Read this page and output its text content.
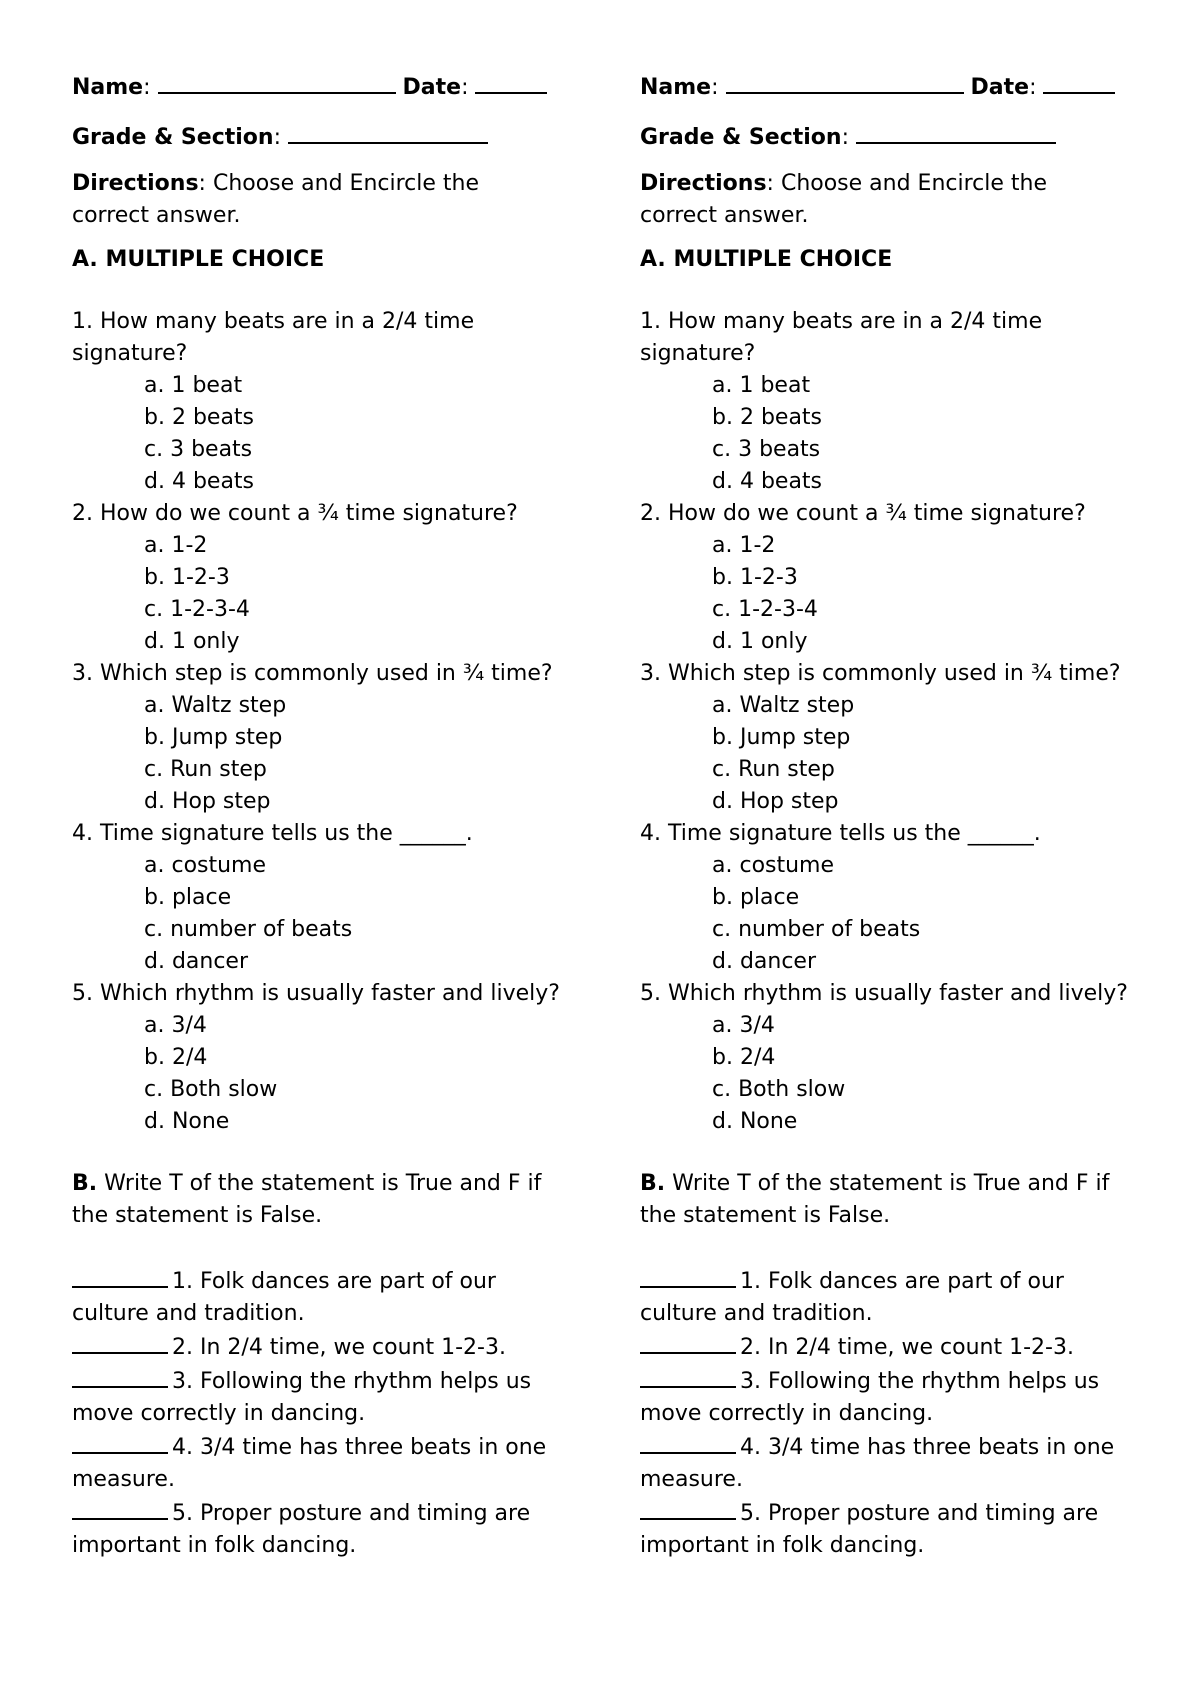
Name:	Date:

Grade & Section:

Directions: Choose and Encircle the correct answer.

A. MULTIPLE CHOICE

1. How many beats are in a 2/4 time signature?

a. 1 beat

b. 2 beats

c. 3 beats

d. 4 beats

2. How do we count a ¾ time signature?

a. 1-2

b. 1-2-3

c. 1-2-3-4

d. 1 only

3. Which step is commonly used in ¾ time?

a. Waltz step

b. Jump step

c. Run step

d. Hop step

4. Time signature tells us the ______.

a. costume

b. place

c. number of beats

d. dancer

5. Which rhythm is usually faster and lively?

a. 3/4

b. 2/4

c. Both slow

d. None

B. Write T of the statement is True and F if the statement is False.

1. Folk dances are part of our culture and tradition.

2. In 2/4 time, we count 1-2-3.

3. Following the rhythm helps us move correctly in dancing.

4. 3/4 time has three beats in one measure.

5. Proper posture and timing are important in folk dancing.

Name:	Date:

Grade & Section:

Directions: Choose and Encircle the correct answer.

A. MULTIPLE CHOICE

1. How many beats are in a 2/4 time signature?

a. 1 beat

b. 2 beats

c. 3 beats

d. 4 beats

2. How do we count a ¾ time signature?

a. 1-2

b. 1-2-3

c. 1-2-3-4

d. 1 only

3. Which step is commonly used in ¾ time?

a. Waltz step

b. Jump step

c. Run step

d. Hop step

4. Time signature tells us the ______.

a. costume

b. place

c. number of beats

d. dancer

5. Which rhythm is usually faster and lively?

a. 3/4

b. 2/4

c. Both slow

d. None

B. Write T of the statement is True and F if the statement is False.

1. Folk dances are part of our culture and tradition.

2. In 2/4 time, we count 1-2-3.

3. Following the rhythm helps us move correctly in dancing.

4. 3/4 time has three beats in one measure.

5. Proper posture and timing are important in folk dancing.
